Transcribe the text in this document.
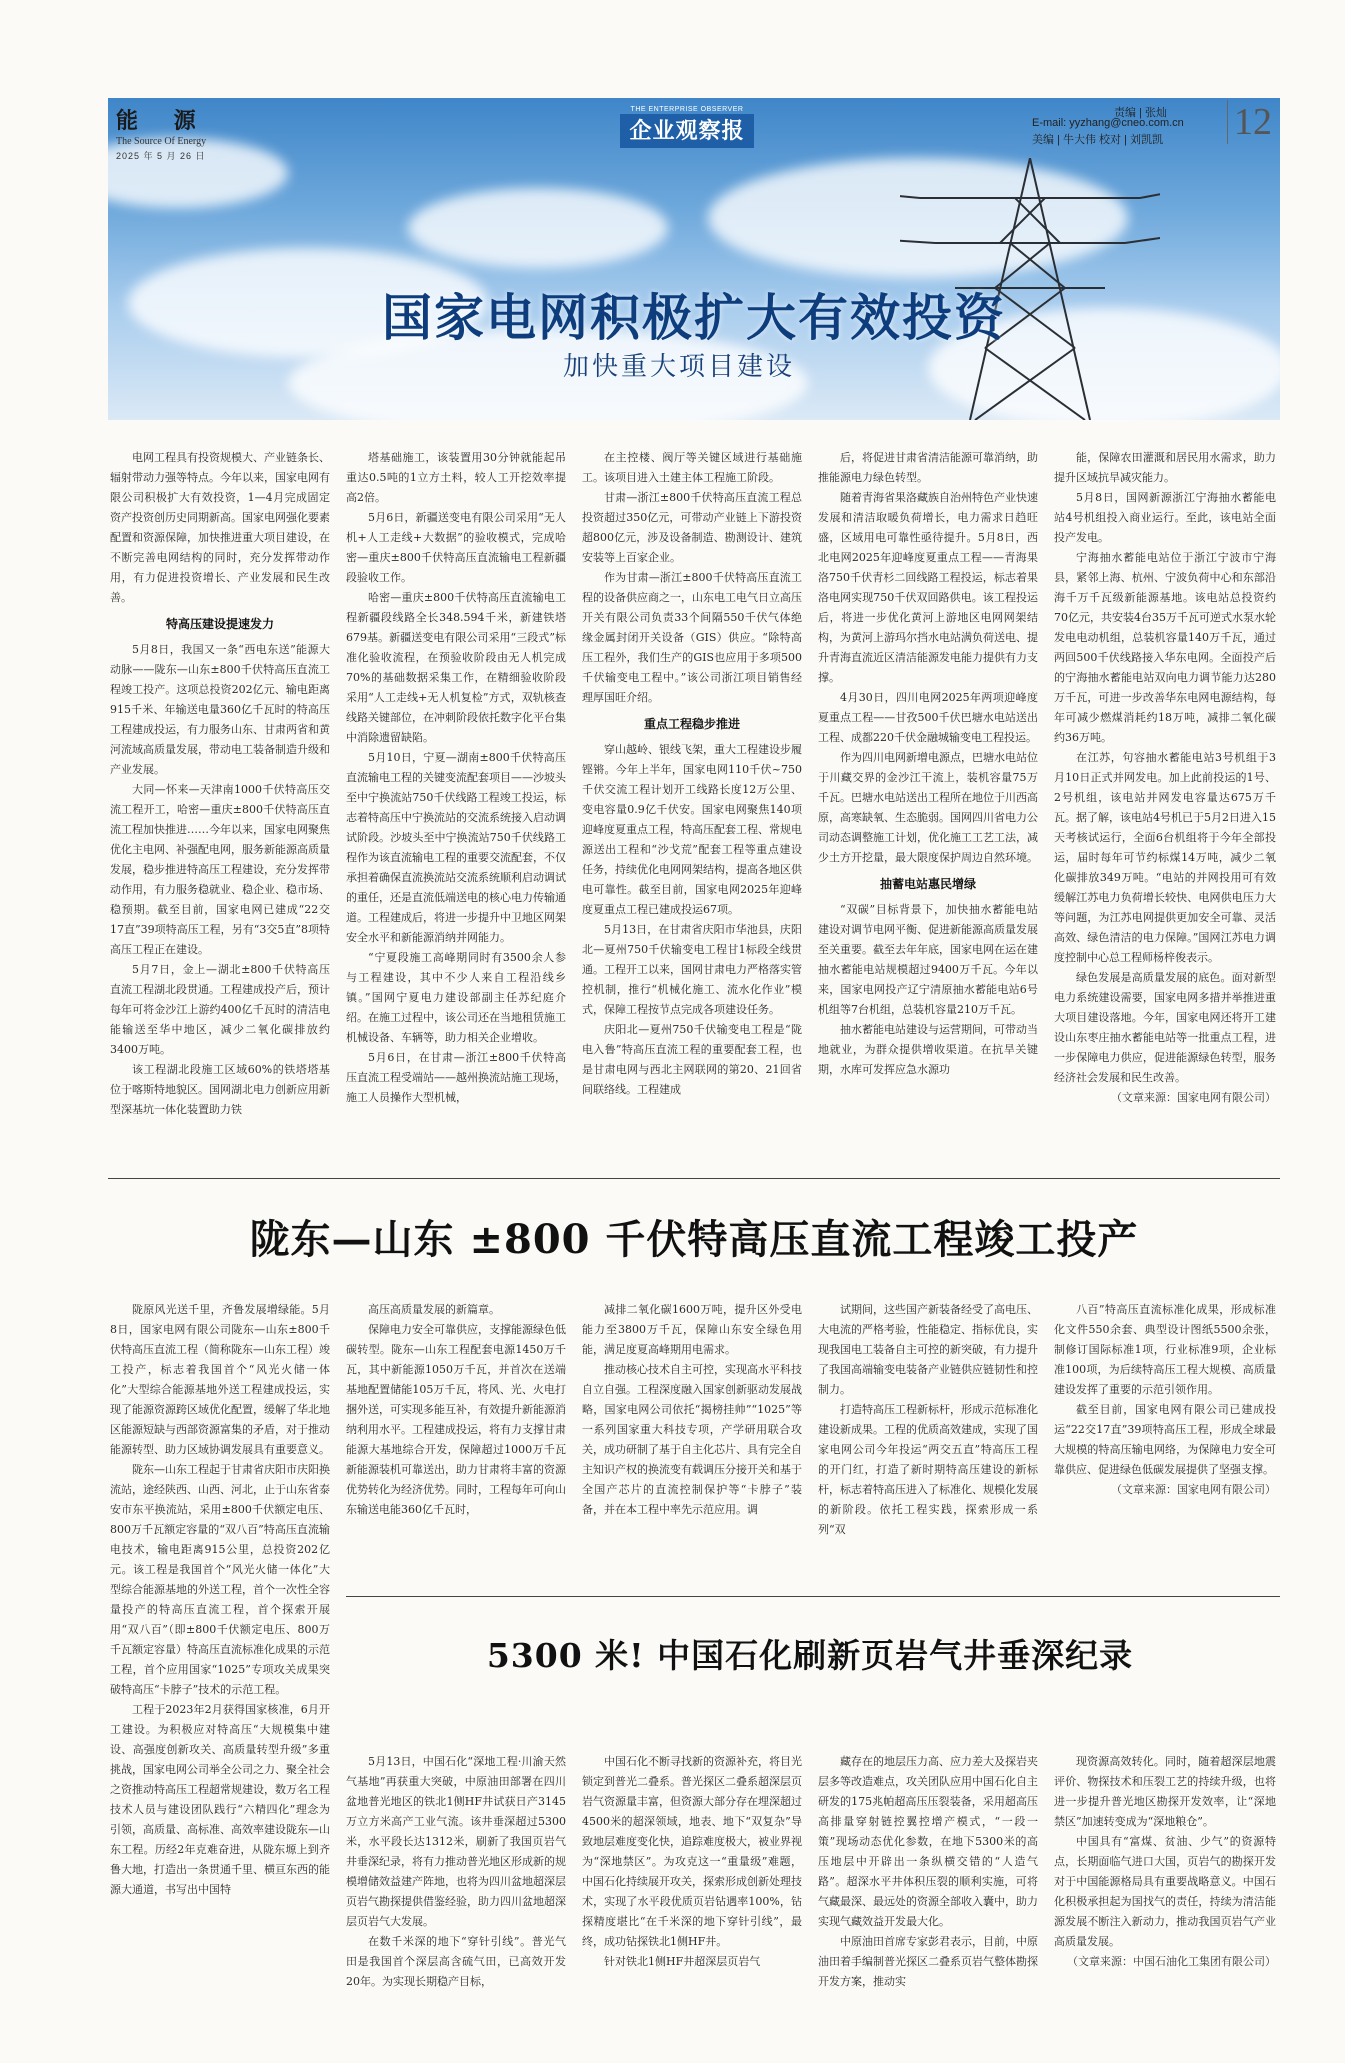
能 源
The Source Of Energy
2025 年 5 月 26 日
THE ENTERPRISE OBSERVER
企业观察报
责编 | 张灿
E-mail: yyzhang@cneo.com.cn
美编 | 牛大伟 校对 | 刘凯凯 12
国家电网积极扩大有效投资
加快重大项目建设

电网工程具有投资规模大、产业链条长、辐射带动力强等特点。今年以来，国家电网有限公司积极扩大有效投资，1—4月完成固定资产投资创历史同期新高。国家电网强化要素配置和资源保障，加快推进重大项目建设，在不断完善电网结构的同时，充分发挥带动作用，有力促进投资增长、产业发展和民生改善。

特高压建设提速发力

5月8日，我国又一条“西电东送”能源大动脉——陇东—山东±800千伏特高压直流工程竣工投产。这项总投资202亿元、输电距离915千米、年输送电量360亿千瓦时的特高压工程建成投运，有力服务山东、甘肃两省和黄河流域高质量发展，带动电工装备制造升级和产业发展。

大同—怀来—天津南1000千伏特高压交流工程开工，哈密—重庆±800千伏特高压直流工程加快推进……今年以来，国家电网聚焦优化主电网、补强配电网，服务新能源高质量发展，稳步推进特高压工程建设，充分发挥带动作用，有力服务稳就业、稳企业、稳市场、稳预期。截至目前，国家电网已建成“22交17直”39项特高压工程，另有“3交5直”8项特高压工程正在建设。

5月7日，金上—湖北±800千伏特高压直流工程湖北段贯通。工程建成投产后，预计每年可将金沙江上游约400亿千瓦时的清洁电能输送至华中地区，减少二氧化碳排放约3400万吨。

该工程湖北段施工区域60%的铁塔塔基位于喀斯特地貌区。国网湖北电力创新应用新型深基坑一体化装置助力铁

塔基础施工，该装置用30分钟就能起吊重达0.5吨的1立方土料，较人工开挖效率提高2倍。

5月6日，新疆送变电有限公司采用“无人机+人工走线+大数据”的验收模式，完成哈密—重庆±800千伏特高压直流输电工程新疆段验收工作。

哈密—重庆±800千伏特高压直流输电工程新疆段线路全长348.594千米，新建铁塔679基。新疆送变电有限公司采用“三段式”标准化验收流程，在预验收阶段由无人机完成70%的基础数据采集工作，在精细验收阶段采用“人工走线+无人机复检”方式，双轨核查线路关键部位，在冲刺阶段依托数字化平台集中消除遗留缺陷。

5月10日，宁夏—湖南±800千伏特高压直流输电工程的关键变流配套项目——沙坡头至中宁换流站750千伏线路工程竣工投运，标志着特高压中宁换流站的交流系统接入启动调试阶段。沙坡头至中宁换流站750千伏线路工程作为该直流输电工程的重要交流配套，不仅承担着确保直流换流站交流系统顺利启动调试的重任，还是直流低端送电的核心电力传输通道。工程建成后，将进一步提升中卫地区网架安全水平和新能源消纳并网能力。

“宁夏段施工高峰期同时有3500余人参与工程建设，其中不少人来自工程沿线乡镇。”国网宁夏电力建设部副主任苏纪庭介绍。在施工过程中，该公司还在当地租赁施工机械设备、车辆等，助力相关企业增收。

5月6日，在甘肃—浙江±800千伏特高压直流工程受端站——越州换流站施工现场，施工人员操作大型机械，

在主控楼、阀厅等关键区域进行基础施工。该项目进入土建主体工程施工阶段。

甘肃—浙江±800千伏特高压直流工程总投资超过350亿元，可带动产业链上下游投资超800亿元，涉及设备制造、勘测设计、建筑安装等上百家企业。

作为甘肃—浙江±800千伏特高压直流工程的设备供应商之一，山东电工电气日立高压开关有限公司负责33个间隔550千伏气体绝缘金属封闭开关设备（GIS）供应。“除特高压工程外，我们生产的GIS也应用于多项500千伏输变电工程中。”该公司浙江项目销售经理厚国旺介绍。

重点工程稳步推进

穿山越岭、银线飞架，重大工程建设步履铿锵。今年上半年，国家电网110千伏~750千伏交流工程计划开工线路长度12万公里、变电容量0.9亿千伏安。国家电网聚焦140项迎峰度夏重点工程，特高压配套工程、常规电源送出工程和“沙戈荒”配套工程等重点建设任务，持续优化电网网架结构，提高各地区供电可靠性。截至目前，国家电网2025年迎峰度夏重点工程已建成投运67项。

5月13日，在甘肃省庆阳市华池县，庆阳北—夏州750千伏输变电工程甘1标段全线贯通。工程开工以来，国网甘肃电力严格落实管控机制，推行“机械化施工、流水化作业”模式，保障工程按节点完成各项建设任务。

庆阳北—夏州750千伏输变电工程是“陇电入鲁”特高压直流工程的重要配套工程，也是甘肃电网与西北主网联网的第20、21回省间联络线。工程建成

后，将促进甘肃省清洁能源可靠消纳，助推能源电力绿色转型。

随着青海省果洛藏族自治州特色产业快速发展和清洁取暖负荷增长，电力需求日趋旺盛，区域用电可靠性亟待提升。5月8日，西北电网2025年迎峰度夏重点工程——青海果洛750千伏青杉二回线路工程投运，标志着果洛电网实现750千伏双回路供电。该工程投运后，将进一步优化黄河上游地区电网网架结构，为黄河上游玛尔挡水电站满负荷送电、提升青海直流近区清洁能源发电能力提供有力支撑。

4月30日，四川电网2025年两项迎峰度夏重点工程——甘孜500千伏巴塘水电站送出工程、成都220千伏金融城输变电工程投运。

作为四川电网新增电源点，巴塘水电站位于川藏交界的金沙江干流上，装机容量75万千瓦。巴塘水电站送出工程所在地位于川西高原，高寒缺氧、生态脆弱。国网四川省电力公司动态调整施工计划，优化施工工艺工法，减少土方开挖量，最大限度保护周边自然环境。

抽蓄电站惠民增绿

“双碳”目标背景下，加快抽水蓄能电站建设对调节电网平衡、促进新能源高质量发展至关重要。截至去年年底，国家电网在运在建抽水蓄能电站规模超过9400万千瓦。今年以来，国家电网投产辽宁清原抽水蓄能电站6号机组等7台机组，总装机容量210万千瓦。

抽水蓄能电站建设与运营期间，可带动当地就业，为群众提供增收渠道。在抗旱关键期，水库可发挥应急水源功

能，保障农田灌溉和居民用水需求，助力提升区域抗旱减灾能力。

5月8日，国网新源浙江宁海抽水蓄能电站4号机组投入商业运行。至此，该电站全面投产发电。

宁海抽水蓄能电站位于浙江宁波市宁海县，紧邻上海、杭州、宁波负荷中心和东部沿海千万千瓦级新能源基地。该电站总投资约70亿元，共安装4台35万千瓦可逆式水泵水轮发电电动机组，总装机容量140万千瓦，通过两回500千伏线路接入华东电网。全面投产后的宁海抽水蓄能电站双向电力调节能力达280万千瓦，可进一步改善华东电网电源结构，每年可减少燃煤消耗约18万吨，减排二氧化碳约36万吨。

在江苏，句容抽水蓄能电站3号机组于3月10日正式并网发电。加上此前投运的1号、2号机组，该电站并网发电容量达675万千瓦。据了解，该电站4号机已于5月2日进入15天考核试运行，全面6台机组将于今年全部投运，届时每年可节约标煤14万吨，减少二氧化碳排放349万吨。“电站的并网投用可有效缓解江苏电力负荷增长较快、电网供电压力大等问题，为江苏电网提供更加安全可靠、灵活高效、绿色清洁的电力保障。”国网江苏电力调度控制中心总工程师杨梓俊表示。

绿色发展是高质量发展的底色。面对新型电力系统建设需要，国家电网多措并举推进重大项目建设落地。今年，国家电网还将开工建设山东枣庄抽水蓄能电站等一批重点工程，进一步保障电力供应，促进能源绿色转型，服务经济社会发展和民生改善。

（文章来源：国家电网有限公司）
陇东—山东 ±800 千伏特高压直流工程竣工投产

陇原风光送千里，齐鲁发展增绿能。5月8日，国家电网有限公司陇东—山东±800千伏特高压直流工程（简称陇东—山东工程）竣工投产，标志着我国首个“风光火储一体化”大型综合能源基地外送工程建成投运，实现了能源资源跨区域优化配置，缓解了华北地区能源短缺与西部资源富集的矛盾，对于推动能源转型、助力区域协调发展具有重要意义。

陇东—山东工程起于甘肃省庆阳市庆阳换流站，途经陕西、山西、河北，止于山东省泰安市东平换流站，采用±800千伏额定电压、800万千瓦额定容量的“双八百”特高压直流输电技术，输电距离915公里，总投资202亿元。该工程是我国首个“风光火储一体化”大型综合能源基地的外送工程，首个一次性全容量投产的特高压直流工程，首个探索开展用“双八百”（即±800千伏额定电压、800万千瓦额定容量）特高压直流标准化成果的示范工程，首个应用国家“1025”专项攻关成果突破特高压“卡脖子”技术的示范工程。

工程于2023年2月获得国家核准，6月开工建设。为积极应对特高压“大规模集中建设、高强度创新攻关、高质量转型升级”多重挑战，国家电网公司举全公司之力、聚全社会之资推动特高压工程超常规建设，数万名工程技术人员与建设团队践行“六精四化”理念为引领，高质量、高标准、高效率建设陇东—山东工程。历经2年克难奋进，从陇东塬上到齐鲁大地，打造出一条贯通千里、横亘东西的能源大通道，书写出中国特

高压高质量发展的新篇章。

保障电力安全可靠供应，支撑能源绿色低碳转型。陇东—山东工程配套电源1450万千瓦，其中新能源1050万千瓦，并首次在送端基地配置储能105万千瓦，将风、光、火电打捆外送，可实现多能互补，有效提升新能源消纳利用水平。工程建成投运，将有力支撑甘肃能源大基地综合开发，保障超过1000万千瓦新能源装机可靠送出，助力甘肃将丰富的资源优势转化为经济优势。同时，工程每年可向山东输送电能360亿千瓦时，

减排二氧化碳1600万吨，提升区外受电能力至3800万千瓦，保障山东安全绿色用能，满足度夏高峰期用电需求。

推动核心技术自主可控，实现高水平科技自立自强。工程深度融入国家创新驱动发展战略，国家电网公司依托“揭榜挂帅”“1025”等一系列国家重大科技专项，产学研用联合攻关，成功研制了基于自主化芯片、具有完全自主知识产权的换流变有载调压分接开关和基于全国产芯片的直流控制保护等“卡脖子”装备，并在本工程中率先示范应用。调

试期间，这些国产新装备经受了高电压、大电流的严格考验，性能稳定、指标优良，实现我国电工装备自主可控的新突破，有力提升了我国高端输变电装备产业链供应链韧性和控制力。

打造特高压工程新标杆，形成示范标准化建设新成果。工程的优质高效建成，实现了国家电网公司今年投运“两交五直”特高压工程的开门红，打造了新时期特高压建设的新标杆，标志着特高压进入了标准化、规模化发展的新阶段。依托工程实践，探索形成一系列“双

八百”特高压直流标准化成果，形成标准化文件550余套、典型设计图纸5500余张，制修订国际标准1项，行业标准9项，企业标准100项，为后续特高压工程大规模、高质量建设发挥了重要的示范引领作用。

截至目前，国家电网有限公司已建成投运“22交17直”39项特高压工程，形成全球最大规模的特高压输电网络，为保障电力安全可靠供应、促进绿色低碳发展提供了坚强支撑。

（文章来源：国家电网有限公司）
5300 米! 中国石化刷新页岩气井垂深纪录

5月13日，中国石化“深地工程·川渝天然气基地”再获重大突破，中原油田部署在四川盆地普光地区的铁北1侧HF井试获日产3145万立方米高产工业气流。该井垂深超过5300米，水平段长达1312米，刷新了我国页岩气井垂深纪录，将有力推动普光地区形成新的规模增储效益建产阵地，也将为四川盆地超深层页岩气勘探提供借鉴经验，助力四川盆地超深层页岩气大发展。

在数千米深的地下“穿针引线”。普光气田是我国首个深层高含硫气田，已高效开发20年。为实现长期稳产目标，

中国石化不断寻找新的资源补充，将目光锁定到普光二叠系。普光探区二叠系超深层页岩气资源量丰富，但资源大部分存在埋深超过4500米的超深领域，地表、地下“双复杂”导致地层难度变化快，追踪难度极大，被业界视为“深地禁区”。为攻克这一“重量级”难题，中国石化持续展开攻关，探索形成创新处理技术，实现了水平段优质页岩钻遇率100%，钻探精度堪比“在千米深的地下穿针引线”，最终，成功钻探铁北1侧HF井。

针对铁北1侧HF井超深层页岩气

藏存在的地层压力高、应力差大及探岩夹层多等改造难点，攻关团队应用中国石化自主研发的175兆帕超高压压裂装备，采用超高压高排量穿射链控翼控增产模式，“一段一策”现场动态优化参数，在地下5300米的高压地层中开辟出一条纵横交错的“人造气路”。超深水平井体积压裂的顺利实施，可将气藏最深、最远处的资源全部收入囊中，助力实现气藏效益开发最大化。

中原油田首席专家彭君表示，目前，中原油田着手编制普光探区二叠系页岩气整体勘探开发方案，推动实

现资源高效转化。同时，随着超深层地震评价、物探技术和压裂工艺的持续升级，也将进一步提升普光地区勘探开发效率，让“深地禁区”加速转变成为“深地粮仓”。

中国具有“富煤、贫油、少气”的资源特点，长期面临气进口大国，页岩气的勘探开发对于中国能源格局具有重要战略意义。中国石化积极承担起为国找气的责任，持续为清洁能源发展不断注入新动力，推动我国页岩气产业高质量发展。

（文章来源：中国石油化工集团有限公司）
